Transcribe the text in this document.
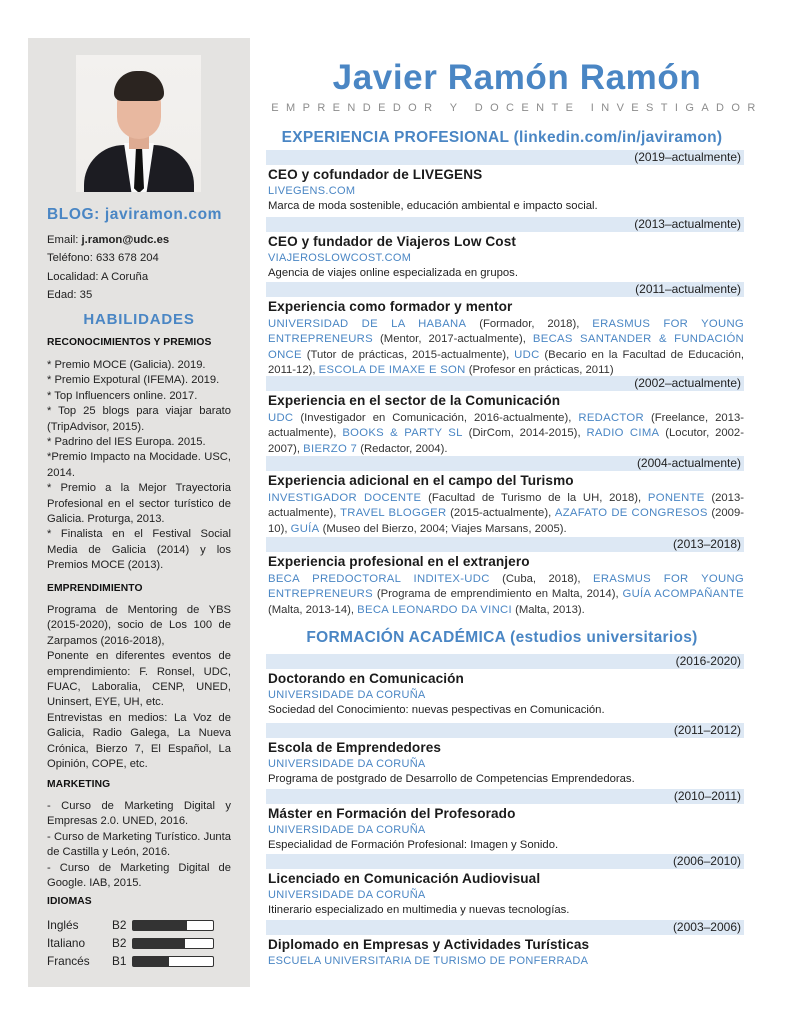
BLOG: javiramon.com
Email: j.ramon@udc.es
Teléfono: 633 678 204
Localidad: A Coruña
Edad: 35
HABILIDADES
RECONOCIMIENTOS Y PREMIOS

* Premio MOCE (Galicia). 2019.

* Premio Expotural (IFEMA). 2019.

* Top Influencers online. 2017.

* Top 25 blogs para viajar barato (TripAdvisor, 2015).

* Padrino del IES Europa. 2015.

*Premio Impacto na Mocidade. USC, 2014.

* Premio a la Mejor Trayectoria Profesional en el sector turístico de Galicia. Proturga, 2013.

* Finalista en el Festival Social Media de Galicia (2014) y los Premios MOCE (2013).

EMPRENDIMIENTO

Programa de Mentoring de YBS (2015-2020), socio de Los 100 de Zarpamos (2016-2018),

Ponente en diferentes eventos de emprendimiento: F. Ronsel, UDC, FUAC, Laboralia, CENP, UNED, Uninsert, EYE, UH, etc.

Entrevistas en medios: La Voz de Galicia, Radio Galega, La Nueva Crónica, Bierzo 7, El Español, La Opinión, COPE, etc.

MARKETING

- Curso de Marketing Digital y Empresas 2.0. UNED, 2016.

- Curso de Marketing Turístico. Junta de Castilla y León, 2016.

- Curso de Marketing Digital de Google. IAB, 2015.

IDIOMAS
Inglés	B2
Italiano B2
Francés B1
Javier Ramón Ramón
EMPRENDEDOR Y DOCENTE INVESTIGADOR
EXPERIENCIA PROFESIONAL (linkedin.com/in/javiramon)
(2019–actualmente)
CEO y cofundador de LIVEGENS
LIVEGENS.COM
Marca de moda sostenible, educación ambiental e impacto social.
(2013–actualmente)
CEO y fundador de Viajeros Low Cost
VIAJEROSLOWCOST.COM
Agencia de viajes online especializada en grupos.
(2011–actualmente)
Experiencia como formador y mentor
UNIVERSIDAD DE LA HABANA (Formador, 2018), ERASMUS FOR YOUNG ENTREPRENEURS (Mentor, 2017-actualmente), BECAS SANTANDER & FUNDACIÓN ONCE (Tutor de prácticas, 2015-actualmente), UDC (Becario en la Facultad de Educación, 2011-12), ESCOLA DE IMAXE E SON (Profesor en prácticas, 2011)
(2002–actualmente)
Experiencia en el sector de la Comunicación
UDC (Investigador en Comunicación, 2016-actualmente), REDACTOR (Freelance, 2013-actualmente), BOOKS & PARTY SL (DirCom, 2014-2015), RADIO CIMA (Locutor, 2002-2007), BIERZO 7 (Redactor, 2004).
(2004-actualmente)
Experiencia adicional en el campo del Turismo
INVESTIGADOR DOCENTE (Facultad de Turismo de la UH, 2018), PONENTE (2013-actualmente), TRAVEL BLOGGER (2015-actualmente), AZAFATO DE CONGRESOS (2009-10), GUÍA (Museo del Bierzo, 2004; Viajes Marsans, 2005).
(2013–2018)
Experiencia profesional en el extranjero
BECA PREDOCTORAL INDITEX-UDC (Cuba, 2018), ERASMUS FOR YOUNG ENTREPRENEURS (Programa de emprendimiento en Malta, 2014), GUÍA ACOMPAÑANTE (Malta, 2013-14), BECA LEONARDO DA VINCI (Malta, 2013).
FORMACIÓN ACADÉMICA (estudios universitarios)
(2016-2020)
Doctorando en Comunicación
UNIVERSIDADE DA CORUÑA
Sociedad del Conocimiento: nuevas pespectivas en Comunicación.
(2011–2012)
Escola de Emprendedores
UNIVERSIDADE DA CORUÑA
Programa de postgrado de Desarrollo de Competencias Emprendedoras.
(2010–2011)
Máster en Formación del Profesorado
UNIVERSIDADE DA CORUÑA
Especialidad de Formación Profesional: Imagen y Sonido.
(2006–2010)
Licenciado en Comunicación Audiovisual
UNIVERSIDADE DA CORUÑA
Itinerario especializado en multimedia y nuevas tecnologías.
(2003–2006)
Diplomado en Empresas y Actividades Turísticas
ESCUELA UNIVERSITARIA DE TURISMO DE PONFERRADA
